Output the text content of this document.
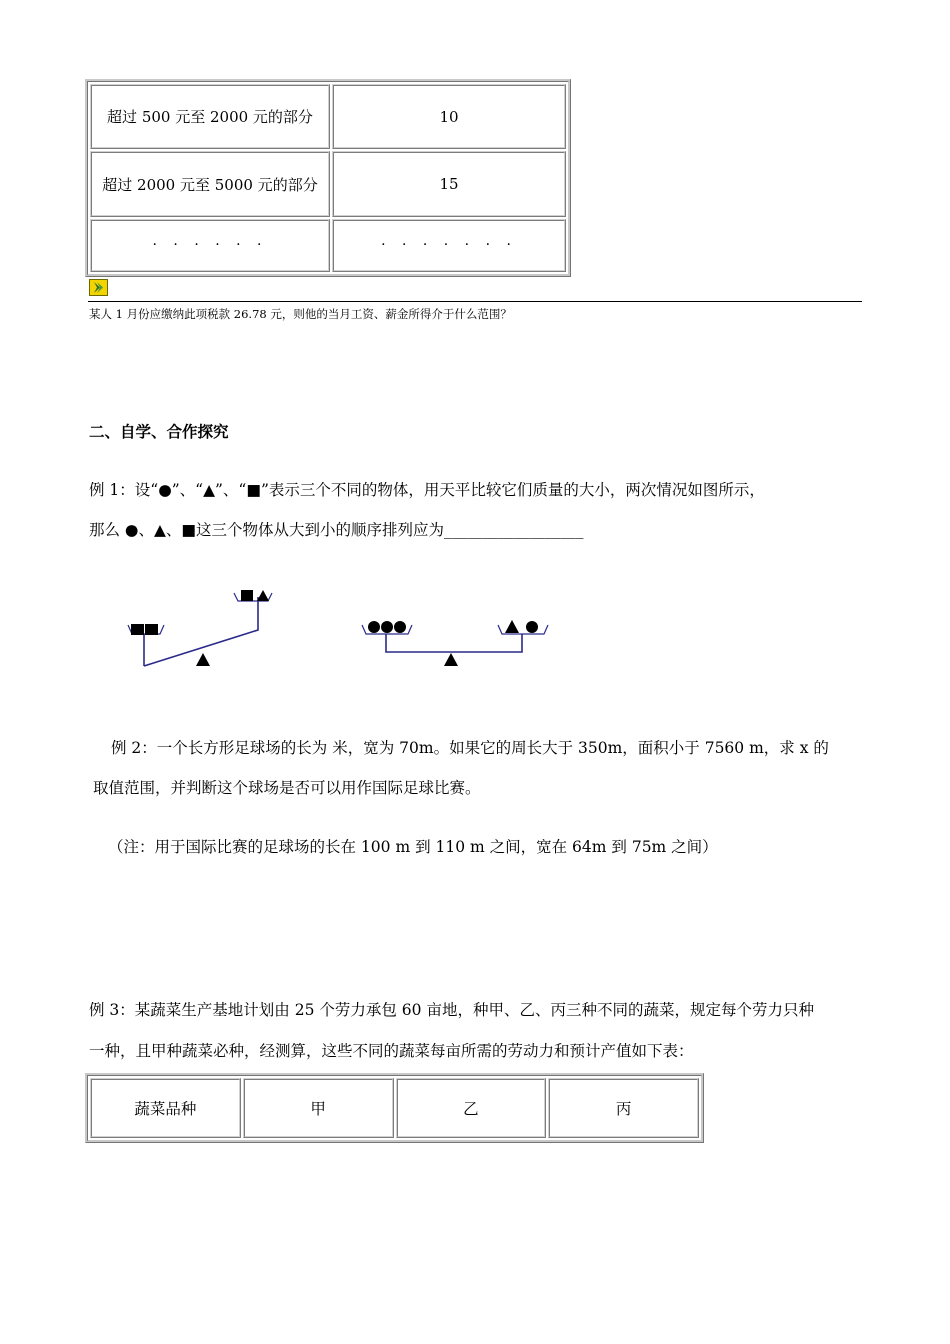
超过 500 元至 2000 元的部分	10
超过 2000 元至 5000 元的部分	15
· · · · · ·	· · · · · · ·
某人 1 月份应缴纳此项税款 26.78 元，则他的当月工资、薪金所得介于什么范围？
二、自学、合作探究
例 1：设“●”、“▲”、“■”表示三个不同的物体，用天平比较它们质量的大小，两次情况如图所示，
那么 ●、▲、■这三个物体从大到小的顺序排列应为__________________
例 2：一个长方形足球场的长为 米，宽为 70m。如果它的周长大于 350m，面积小于 7560 m，求 x 的
取值范围，并判断这个球场是否可以用作国际足球比赛。
（注：用于国际比赛的足球场的长在 100 m 到 110 m 之间，宽在 64m 到 75m 之间）
例 3：某蔬菜生产基地计划由 25 个劳力承包 60 亩地，种甲、乙、丙三种不同的蔬菜，规定每个劳力只种
一种，且甲种蔬菜必种，经测算，这些不同的蔬菜每亩所需的劳动力和预计产值如下表：
蔬菜品种	甲	乙	丙
